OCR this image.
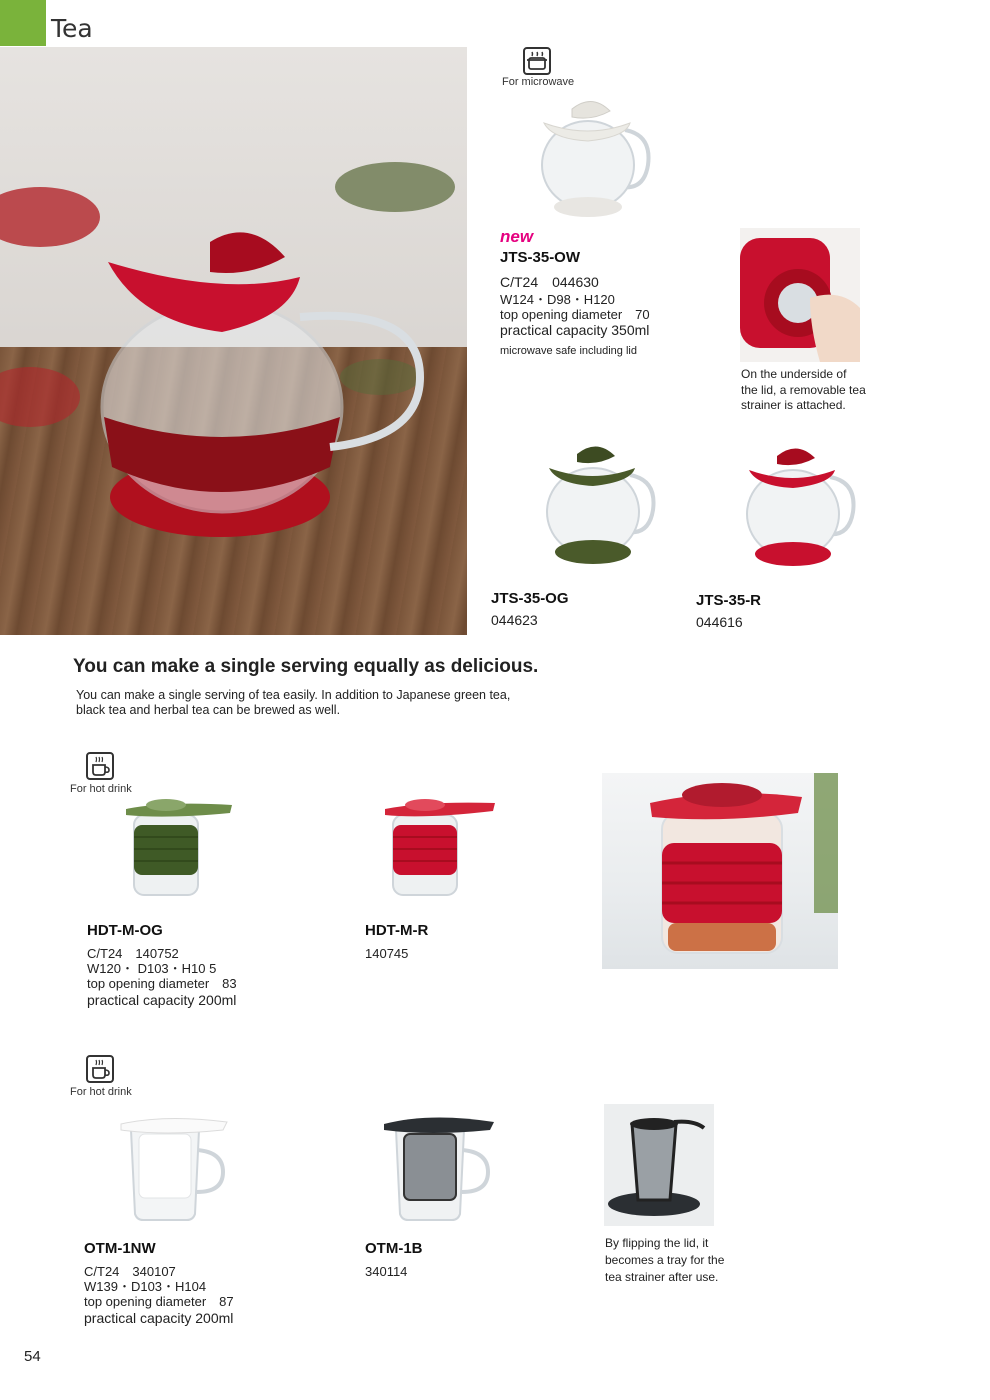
Tea
For microwave
new
JTS-35-OW
C/T24　044630
W124・D98・H120
top opening diameter　70
practical capacity 350ml
microwave safe including lid
On the underside of
the lid, a removable tea
strainer is attached.
JTS-35-OG
044623
JTS-35-R
044616
You can make a single serving equally as delicious.
You can make a single serving of tea easily. In addition to Japanese green tea,
black tea and herbal tea can be brewed as well.
For hot drink
HDT-M-OG
C/T24　140752
W120・ D103・H10 5
top opening diameter　83
practical capacity 200ml
HDT-M-R
140745
For hot drink
OTM-1NW
C/T24　340107
W139・D103・H104
top opening diameter　87
practical capacity 200ml
OTM-1B
340114
By flipping the lid, it
becomes a tray for the
tea strainer after use.
54
